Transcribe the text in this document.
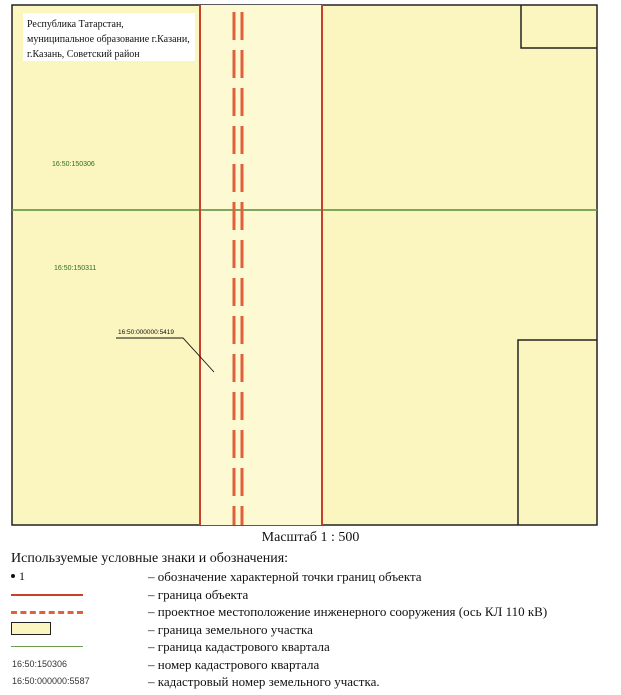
Республика Татарстан,
муниципальное образование г.Казани,
г.Казань, Советский район
16:50:150306
16:50:150311
16:50:000000:5419
Масштаб 1 : 500
Используемые условные знаки и обозначения:
1	– обозначение характерной точки границ объекта
– граница объекта
– проектное местоположение инженерного сооружения (ось КЛ 110 кВ)
– граница земельного участка
– граница кадастрового квартала
16:50:150306	– номер кадастрового квартала
16:50:000000:5587	– кадастровый номер земельного участка.
